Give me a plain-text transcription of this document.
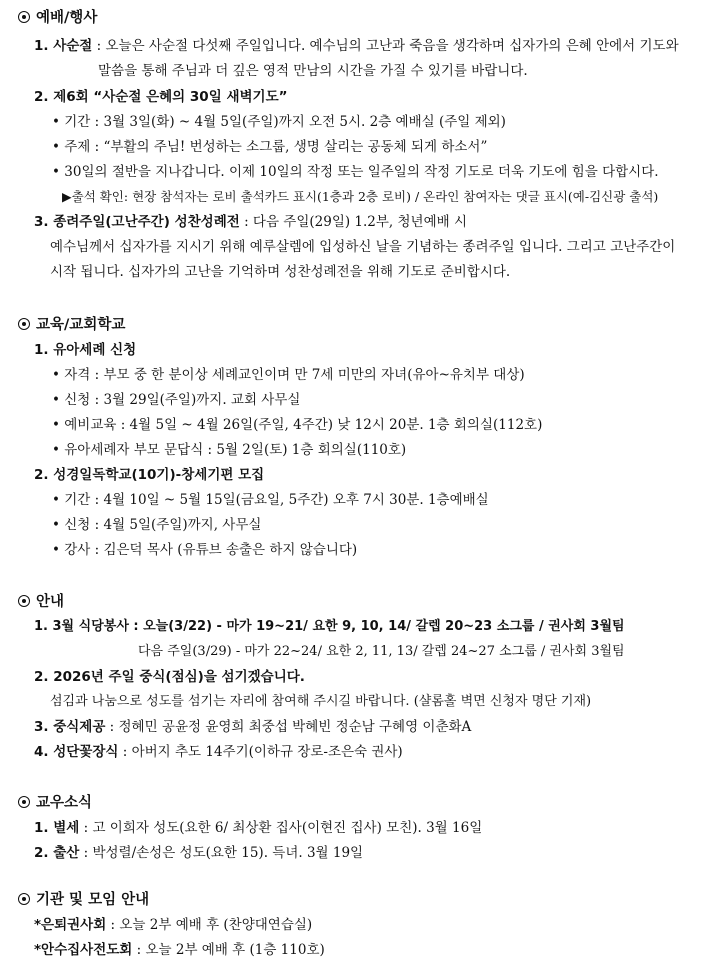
예배/행사
1. 사순절 : 오늘은 사순절 다섯째 주일입니다. 예수님의 고난과 죽음을 생각하며 십자가의 은혜 안에서 기도와
말씀을 통해 주님과 더 깊은 영적 만남의 시간을 가질 수 있기를 바랍니다.
2. 제6회 “사순절 은혜의 30일 새벽기도”
• 기간 : 3월 3일(화) ~ 4월 5일(주일)까지 오전 5시. 2층 예배실 (주일 제외)
• 주제 : “부활의 주님! 번성하는 소그룹, 생명 살리는 공동체 되게 하소서”
• 30일의 절반을 지나갑니다. 이제 10일의 작정 또는 일주일의 작정 기도로 더욱 기도에 힘을 다합시다.
▶출석 확인: 현장 참석자는 로비 출석카드 표시(1층과 2층 로비) / 온라인 참여자는 댓글 표시(예-김신광 출석)
3. 종려주일(고난주간) 성찬성례전 : 다음 주일(29일) 1.2부, 청년예배 시
예수님께서 십자가를 지시기 위해 예루살렘에 입성하신 날을 기념하는 종려주일 입니다. 그리고 고난주간이
시작 됩니다. 십자가의 고난을 기억하며 성찬성례전을 위해 기도로 준비합시다.
교육/교회학교
1. 유아세례 신청
• 자격 : 부모 중 한 분이상 세례교인이며 만 7세 미만의 자녀(유아~유치부 대상)
• 신청 : 3월 29일(주일)까지. 교회 사무실
• 예비교육 : 4월 5일 ~ 4월 26일(주일, 4주간) 낮 12시 20분. 1층 회의실(112호)
• 유아세례자 부모 문답식 : 5월 2일(토) 1층 회의실(110호)
2. 성경일독학교(10기)-창세기편 모집
• 기간 : 4월 10일 ~ 5월 15일(금요일, 5주간) 오후 7시 30분. 1층예배실
• 신청 : 4월 5일(주일)까지, 사무실
• 강사 : 김은덕 목사 (유튜브 송출은 하지 않습니다)
안내
1. 3월 식당봉사 : 오늘(3/22) - 마가 19~21/ 요한 9, 10, 14/ 갈렙 20~23 소그룹 / 권사회 3월팀
다음 주일(3/29) - 마가 22~24/ 요한 2, 11, 13/ 갈렙 24~27 소그룹 / 권사회 3월팀
2. 2026년 주일 중식(점심)을 섬기겠습니다.
섬김과 나눔으로 성도를 섬기는 자리에 참여해 주시길 바랍니다. (샬롬홀 벽면 신청자 명단 기재)
3. 중식제공 : 정혜민 공윤정 윤영희 최중섭 박혜빈 정순남 구혜영 이춘화A
4. 성단꽃장식 : 아버지 추도 14주기(이하규 장로-조은숙 권사)
교우소식
1. 별세 : 고 이희자 성도(요한 6/ 최상환 집사(이현진 집사) 모친). 3월 16일
2. 출산 : 박성렬/손성은 성도(요한 15). 득녀. 3월 19일
기관 및 모임 안내
*은퇴권사회 : 오늘 2부 예배 후 (찬양대연습실)
*안수집사전도회 : 오늘 2부 예배 후 (1층 110호)
